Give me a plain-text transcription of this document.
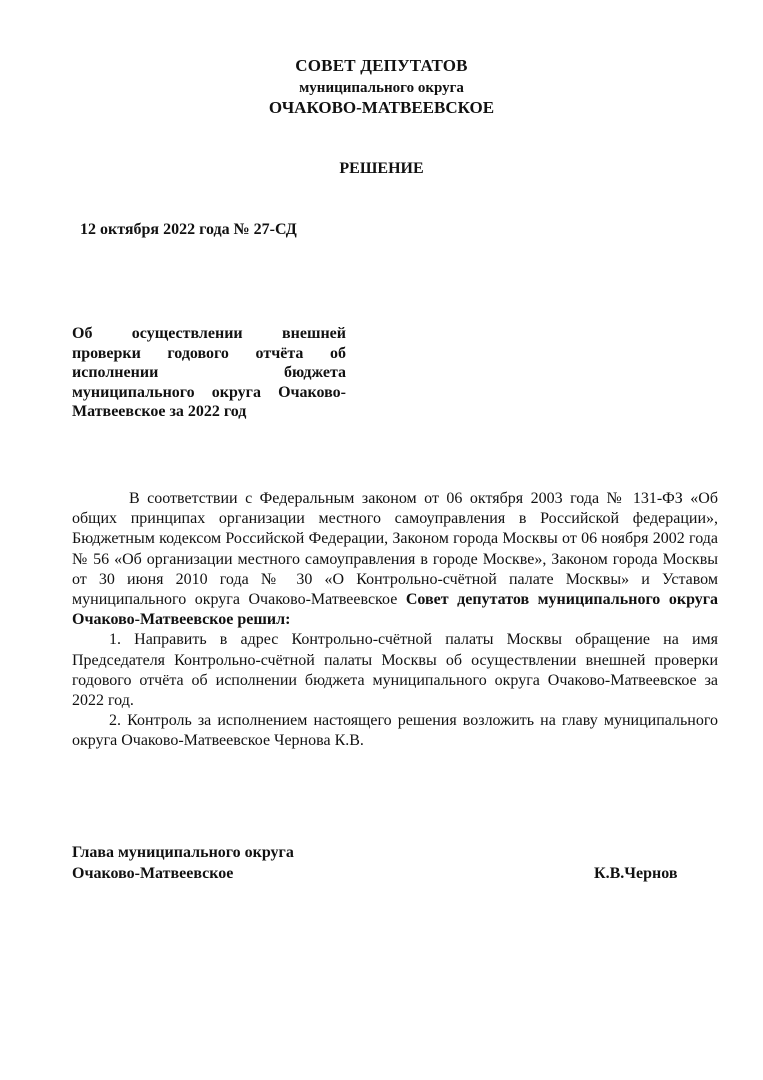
СОВЕТ ДЕПУТАТОВ
муниципального округа
ОЧАКОВО-МАТВЕЕВСКОЕ
РЕШЕНИЕ
12 октября 2022 года № 27-СД
Об осуществлении внешней проверки годового отчёта об исполнении бюджета муниципального округа Очаково-Матвеевское за 2022 год

В соответствии с Федеральным законом от 06 октября 2003 года № 131-ФЗ «Об общих принципах организации местного самоуправления в Российской федерации», Бюджетным кодексом Российской Федерации, Законом города Москвы от 06 ноября 2002 года № 56 «Об организации местного самоуправления в городе Москве», Законом города Москвы от 30 июня 2010 года № 30 «О Контрольно-счётной палате Москвы» и Уставом муниципального округа Очаково-Матвеевское Совет депутатов муниципального округа Очаково-Матвеевское решил:

1. Направить в адрес Контрольно-счётной палаты Москвы обращение на имя Председателя Контрольно-счётной палаты Москвы об осуществлении внешней проверки годового отчёта об исполнении бюджета муниципального округа Очаково-Матвеевское за 2022 год.

2. Контроль за исполнением настоящего решения возложить на главу муниципального округа Очаково-Матвеевское Чернова К.В.

Глава муниципального округа
Очаково-Матвеевское	К.В.Чернов
